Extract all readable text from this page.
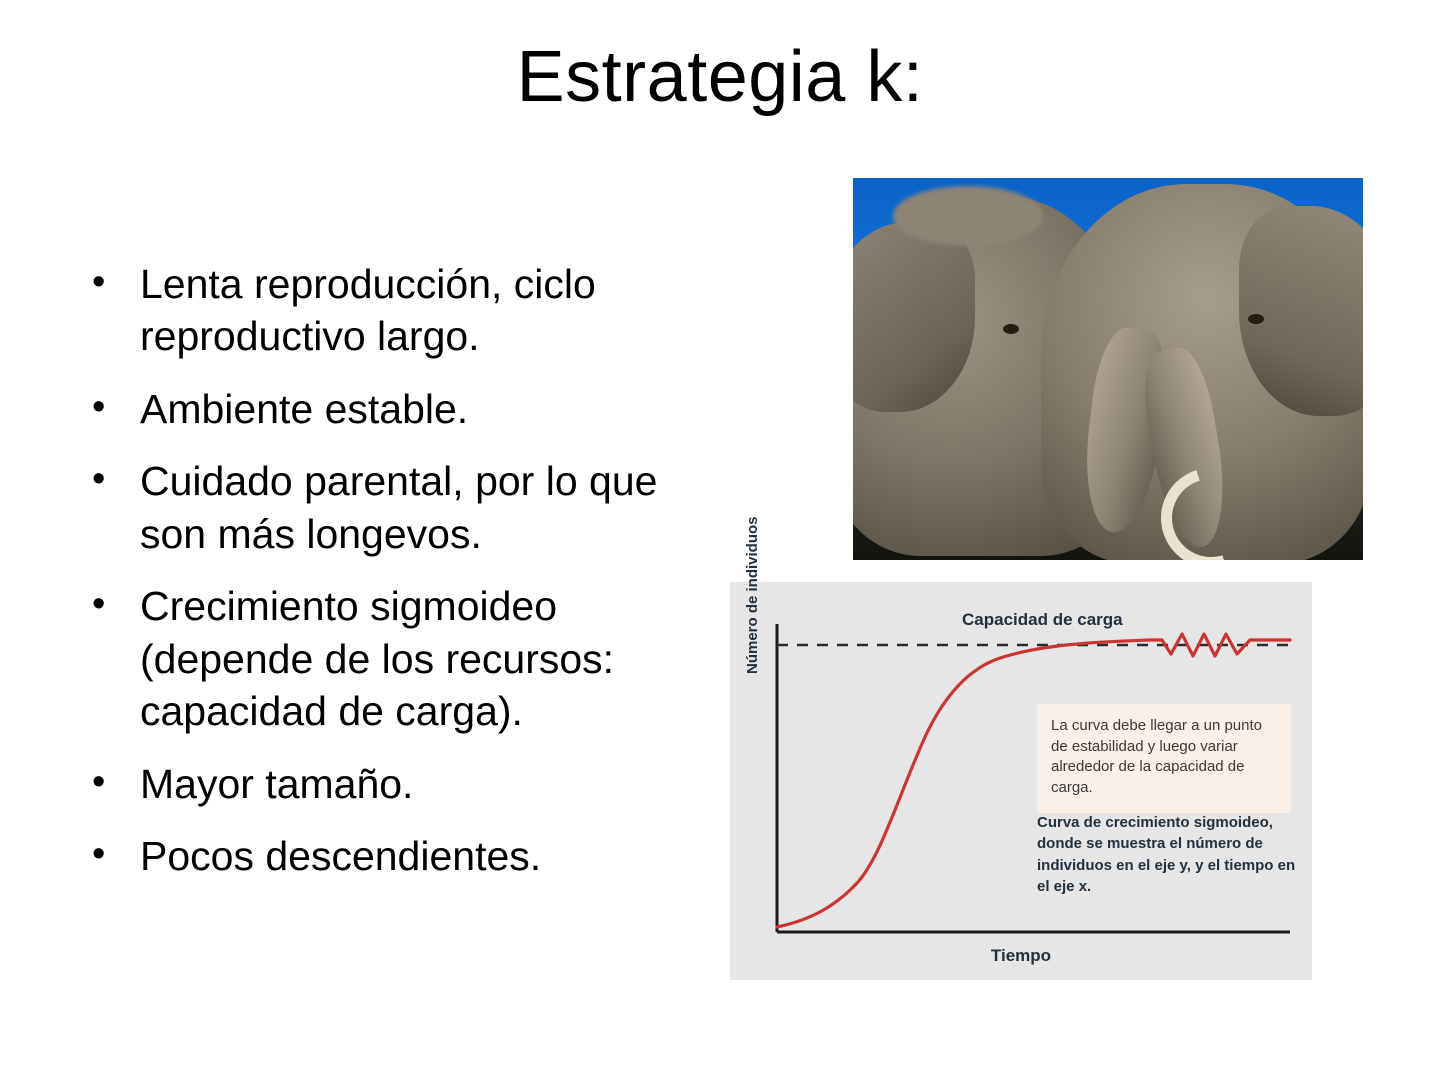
Estrategia k:
• Lenta reproducción, ciclo reproductivo largo.
• Ambiente estable.
• Cuidado parental, por lo que son más longevos.
• Crecimiento sigmoideo (depende de los recursos: capacidad de carga).
• Mayor tamaño.
• Pocos descendientes.
Capacidad de carga
Número de individuos
Tiempo
La curva debe llegar a un punto de estabilidad y luego variar alrededor de la capacidad de carga.
Curva de crecimiento sigmoideo, donde se muestra el número de individuos en el eje y, y el tiempo en el eje x.
